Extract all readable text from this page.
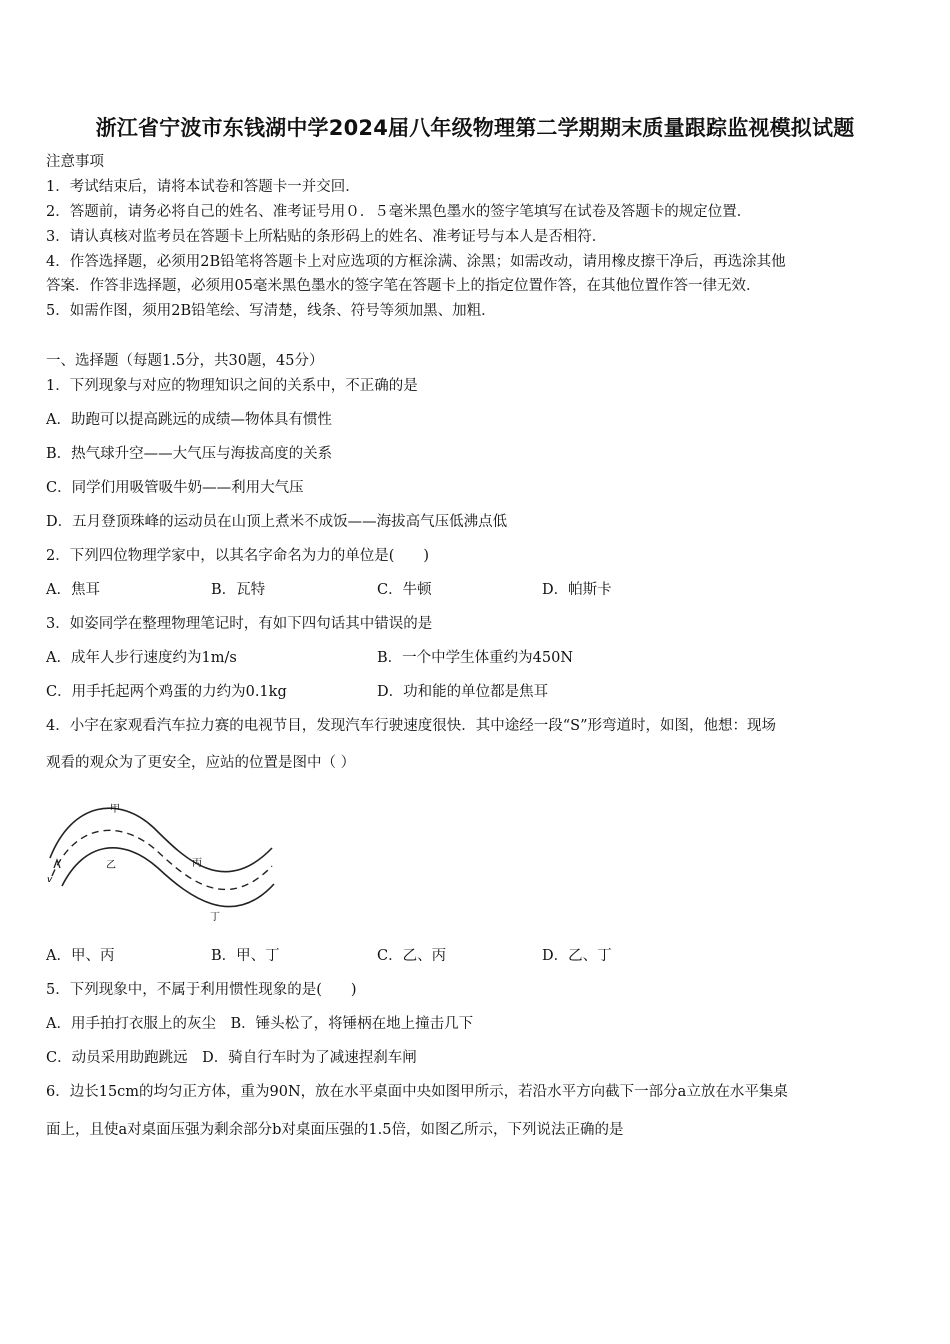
浙江省宁波市东钱湖中学2024届八年级物理第二学期期末质量跟踪监视模拟试题
注意事项
1．考试结束后，请将本试卷和答题卡一并交回．
2．答题前，请务必将自己的姓名、准考证号用０．５毫米黑色墨水的签字笔填写在试卷及答题卡的规定位置．
3．请认真核对监考员在答题卡上所粘贴的条形码上的姓名、准考证号与本人是否相符．
4．作答选择题，必须用2B铅笔将答题卡上对应选项的方框涂满、涂黑；如需改动，请用橡皮擦干净后，再选涂其他
答案．作答非选择题，必须用05毫米黑色墨水的签字笔在答题卡上的指定位置作答，在其他位置作答一律无效．
5．如需作图，须用2B铅笔绘、写清楚，线条、符号等须加黑、加粗．
一、选择题（每题1.5分，共30题，45分）
1．下列现象与对应的物理知识之间的关系中，不正确的是
A．助跑可以提高跳远的成绩—物体具有惯性
B．热气球升空——大气压与海拔高度的关系
C．同学们用吸管吸牛奶——利用大气压
D．五月登顶珠峰的运动员在山顶上煮米不成饭——海拔高气压低沸点低
2．下列四位物理学家中，以其名字命名为力的单位是(　　)
A．焦耳	B．瓦特	C．牛顿	D．帕斯卡
3．如姿同学在整理物理笔记时，有如下四句话其中错误的是
A．成年人步行速度约为1m/s	B．一个中学生体重约为450N
C．用手托起两个鸡蛋的力约为0.1kg	D．功和能的单位都是焦耳
4．小宇在家观看汽车拉力赛的电视节目，发现汽车行驶速度很快．其中途经一段“S”形弯道时，如图，他想：现场
观看的观众为了更安全，应站的位置是图中（ ）
甲
乙	丙
丁
v
A．甲、丙	B．甲、丁	C．乙、丙	D．乙、丁
5．下列现象中，不属于利用惯性现象的是(　　)
A．用手拍打衣服上的灰尘　B．锤头松了，将锤柄在地上撞击几下
C．动员采用助跑跳远　D．骑自行车时为了减速捏刹车闸
6．边长15cm的均匀正方体，重为90N，放在水平桌面中央如图甲所示，若沿水平方向截下一部分a立放在水平集桌
面上，且使a对桌面压强为剩余部分b对桌面压强的1.5倍，如图乙所示，下列说法正确的是
